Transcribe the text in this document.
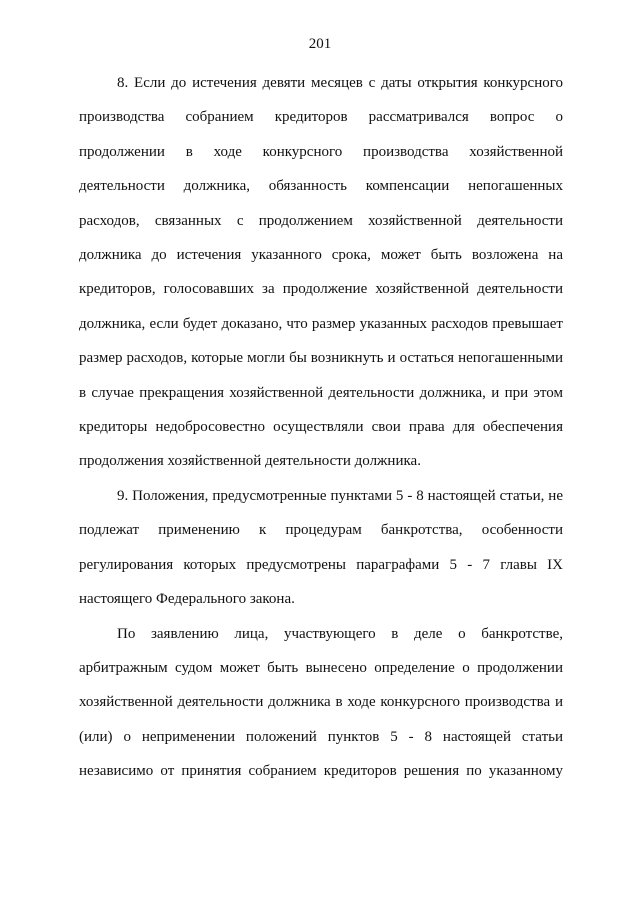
201

8. Если до истечения девяти месяцев с даты открытия конкурсного производства собранием кредиторов рассматривался вопрос о продолжении в ходе конкурсного производства хозяйственной деятельности должника, обязанность компенсации непогашенных расходов, связанных с продолжением хозяйственной деятельности должника до истечения указанного срока, может быть возложена на кредиторов, голосовавших за продолжение хозяйственной деятельности должника, если будет доказано, что размер указанных расходов превышает размер расходов, которые могли бы возникнуть и остаться непогашенными в случае прекращения хозяйственной деятельности должника, и при этом кредиторы недобросовестно осуществляли свои права для обеспечения продолжения хозяйственной деятельности должника.

9. Положения, предусмотренные пунктами 5 - 8 настоящей статьи, не подлежат применению к процедурам банкротства, особенности регулирования которых предусмотрены параграфами 5 - 7 главы IX настоящего Федерального закона.

По заявлению лица, участвующего в деле о банкротстве, арбитражным судом может быть вынесено определение о продолжении хозяйственной деятельности должника в ходе конкурсного производства и (или) о неприменении положений пунктов 5 - 8 настоящей статьи независимо от принятия собранием кредиторов решения по указанному
